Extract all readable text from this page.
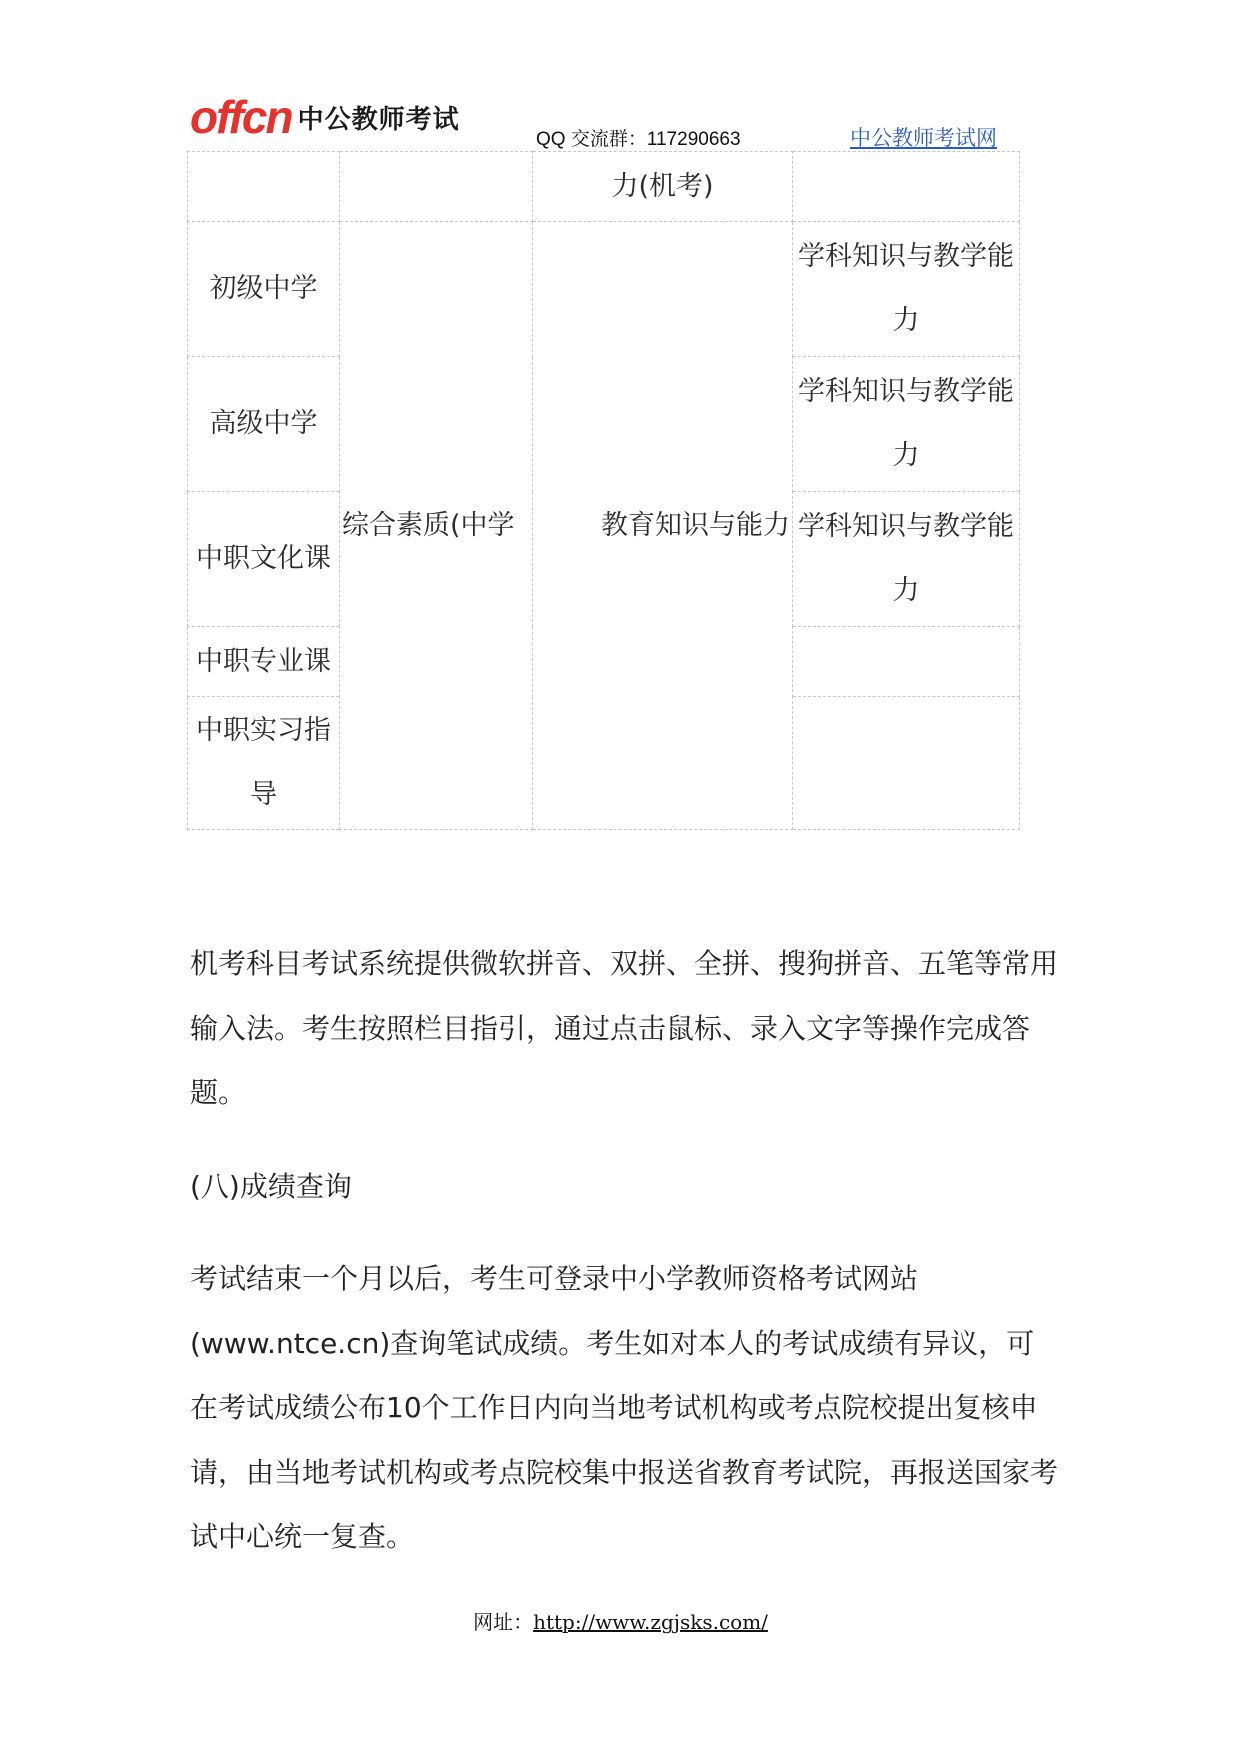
offcn 中公教师考试
QQ 交流群：117290663	中公教师考试网
		力(机考)	
初级中学	综合素质(中学	教育知识与能力	学科知识与教学能力
高级中学			学科知识与教学能力
中职文化课			学科知识与教学能力
中职专业课			
中职实习指导			

机考科目考试系统提供微软拼音、双拼、全拼、搜狗拼音、五笔等常用输入法。考生按照栏目指引，通过点击鼠标、录入文字等操作完成答题。

(八)成绩查询

考试结束一个月以后，考生可登录中小学教师资格考试网站(www.ntce.cn)查询笔试成绩。考生如对本人的考试成绩有异议，可在考试成绩公布10个工作日内向当地考试机构或考点院校提出复核申请，由当地考试机构或考点院校集中报送省教育考试院，再报送国家考试中心统一复查。

网址：http://www.zgjsks.com/
